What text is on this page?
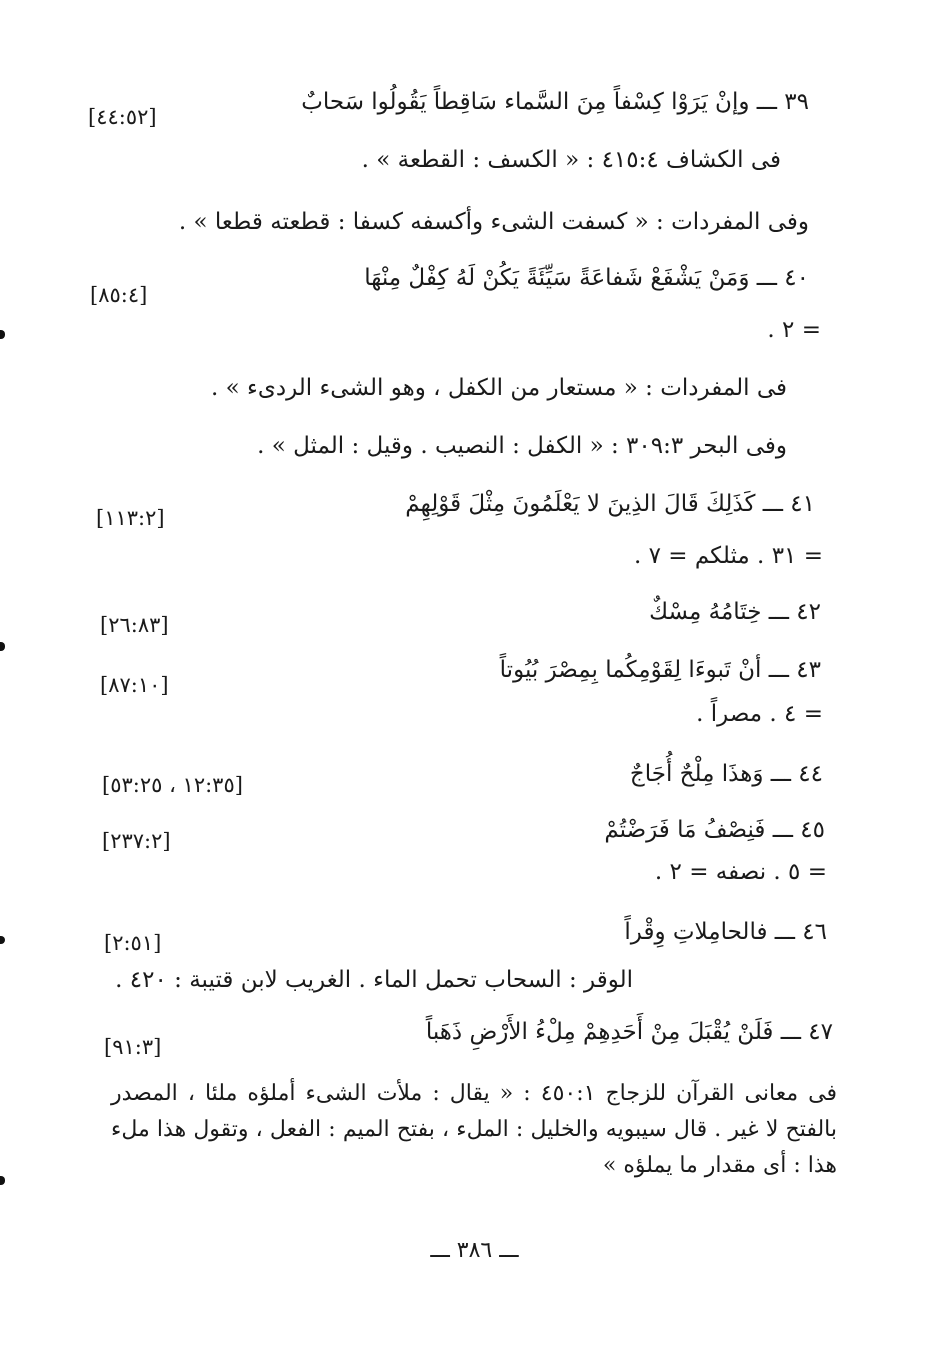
٣٩ ـــ وإنْ يَرَوْا كِسْفاً مِنَ السَّماء سَاقِطاً يَقُولُوا سَحابٌ
[٤٤:٥٢]
فى الكشاف ٤١٥:٤ : « الكسف : القطعة » .
وفى المفردات : « كسفت الشىء وأكسفه كسفا : قطعته قطعا » .
٤٠ ـــ وَمَنْ يَشْفَعْ شَفاعَةً سَيِّئَةً يَكُنْ لَهُ كِفْلٌ مِنْهَا
[٨٥:٤]
= ٢ .
فى المفردات : « مستعار من الكفل ، وهو الشىء الردىء » .
وفى البحر ٣٠٩:٣ : « الكفل : النصيب . وقيل : المثل » .
٤١ ـــ كَذَلِكَ قَالَ الذِينَ لا يَعْلَمُونَ مِثْلَ قَوْلِهِمْ
[١١٣:٢]
= ٣١ . مثلكم = ٧ .
٤٢ ـــ خِتَامُهُ مِسْكٌ
[٢٦:٨٣]
٤٣ ـــ أنْ تَبوءَا لِقَوْمِكُما بِمِصْرَ بُيُوتاً
[٨٧:١٠]
= ٤ . مصراً .
٤٤ ـــ وَهذَا مِلْحٌ أُجَاجٌ
[١٢:٣٥ ، ٥٣:٢٥]
٤٥ ـــ فَنِصْفُ مَا فَرَضْتُمْ
[٢٣٧:٢]
= ٥ . نصفه = ٢ .
٤٦ ـــ فالحامِلاتِ وِقْراً
[٢:٥١]
الوقر : السحاب تحمل الماء . الغريب لابن قتيبة : ٤٢٠ .
٤٧ ـــ فَلَنْ يُقْبَلَ مِنْ أَحَدِهِمْ مِلْءُ الأَرْضِ ذَهَباً
[٩١:٣]
فى معانى القرآن للزجاج ٤٥٠:١ : « يقال : ملأت الشىء أملؤه ملئا ، المصدر بالفتح لا غير . قال سيبويه والخليل : الملء ، بفتح الميم : الفعل ، وتقول هذا ملء هذا : أى مقدار ما يملؤه »
ـــ ٣٨٦ ـــ
